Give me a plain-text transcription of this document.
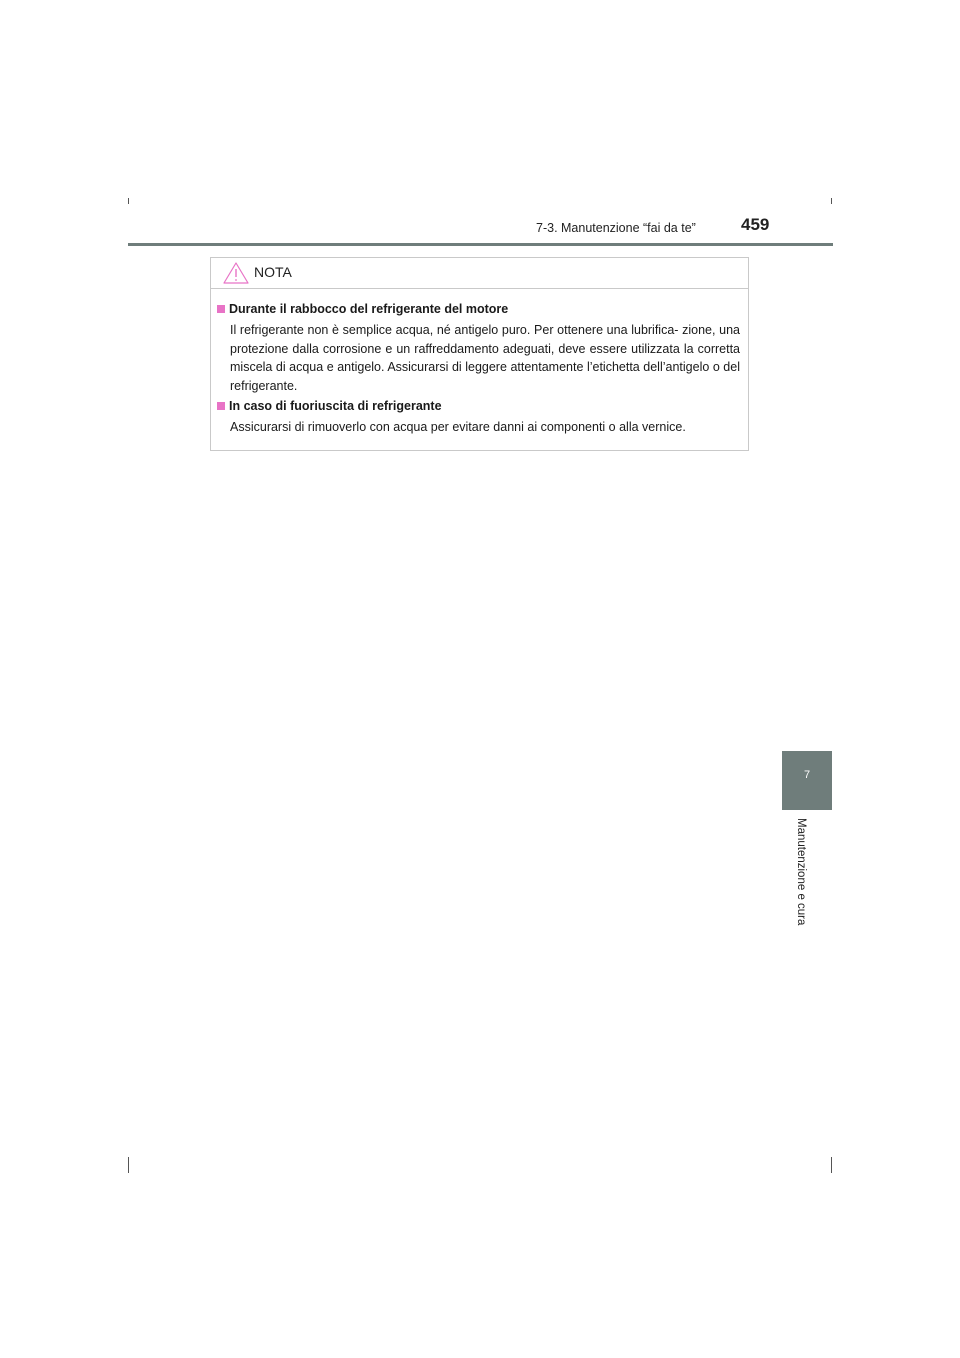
7-3. Manutenzione “fai da te”	459
NOTA
Durante il rabbocco del refrigerante del motore

Il refrigerante non è semplice acqua, né antigelo puro. Per ottenere una lubrifica- zione, una protezione dalla corrosione e un raffreddamento adeguati, deve essere utilizzata la corretta miscela di acqua e antigelo. Assicurarsi di leggere attentamente l’etichetta dell’antigelo o del refrigerante.

In caso di fuoriuscita di refrigerante

Assicurarsi di rimuoverlo con acqua per evitare danni ai componenti o alla vernice.

7
Manutenzione e cura
